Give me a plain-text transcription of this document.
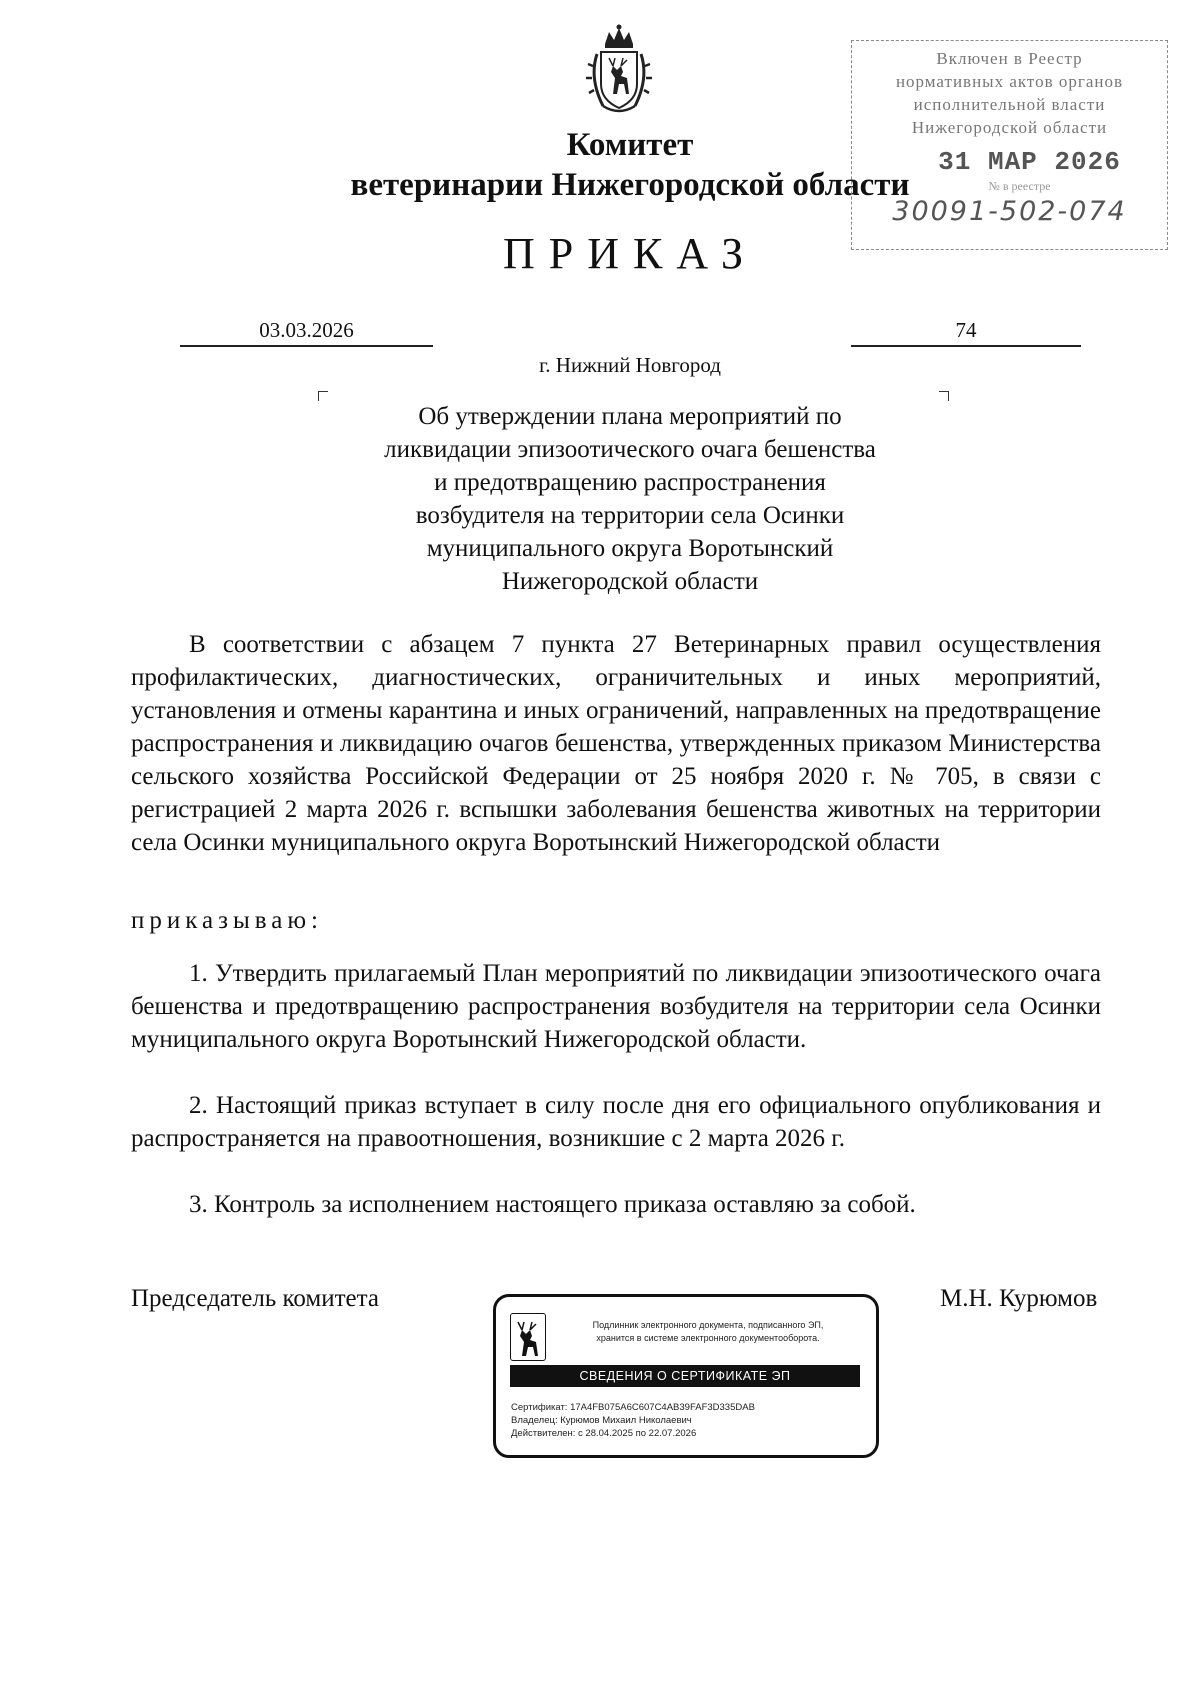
Комитет
ветеринарии Нижегородской области
ПРИКАЗ
Включен в Реестр
нормативных актов органов
исполнительной власти
Нижегородской области
31 MAP 2026
№ в реестре
30091-502-074
03.03.2026	74
г. Нижний Новгород
Об утверждении плана мероприятий по
ликвидации эпизоотического очага бешенства
и предотвращению распространения
возбудителя на территории села Осинки
муниципального округа Воротынский
Нижегородской области
В соответствии с абзацем 7 пункта 27 Ветеринарных правил осуществления профилактических, диагностических, ограничительных и иных мероприятий, установления и отмены карантина и иных ограничений, направленных на предотвращение распространения и ликвидацию очагов бешенства, утвержденных приказом Министерства сельского хозяйства Российской Федерации от 25 ноября 2020 г. № 705, в связи с регистрацией 2 марта 2026 г. вспышки заболевания бешенства животных на территории села Осинки муниципального округа Воротынский Нижегородской области
приказываю:
1. Утвердить прилагаемый План мероприятий по ликвидации эпизоотического очага бешенства и предотвращению распространения возбудителя на территории села Осинки муниципального округа Воротынский Нижегородской области.
2. Настоящий приказ вступает в силу после дня его официального опубликования и распространяется на правоотношения, возникшие с 2 марта 2026 г.
3. Контроль за исполнением настоящего приказа оставляю за собой.
Председатель комитета	М.Н. Курюмов
Подлинник электронного документа, подписанного ЭП,
хранится в системе электронного документооборота.
СВЕДЕНИЯ О СЕРТИФИКАТЕ ЭП
Сертификат: 17A4FB075A6C607C4AB39FAF3D335DAB
Владелец: Курюмов Михаил Николаевич
Действителен: с 28.04.2025 по 22.07.2026
